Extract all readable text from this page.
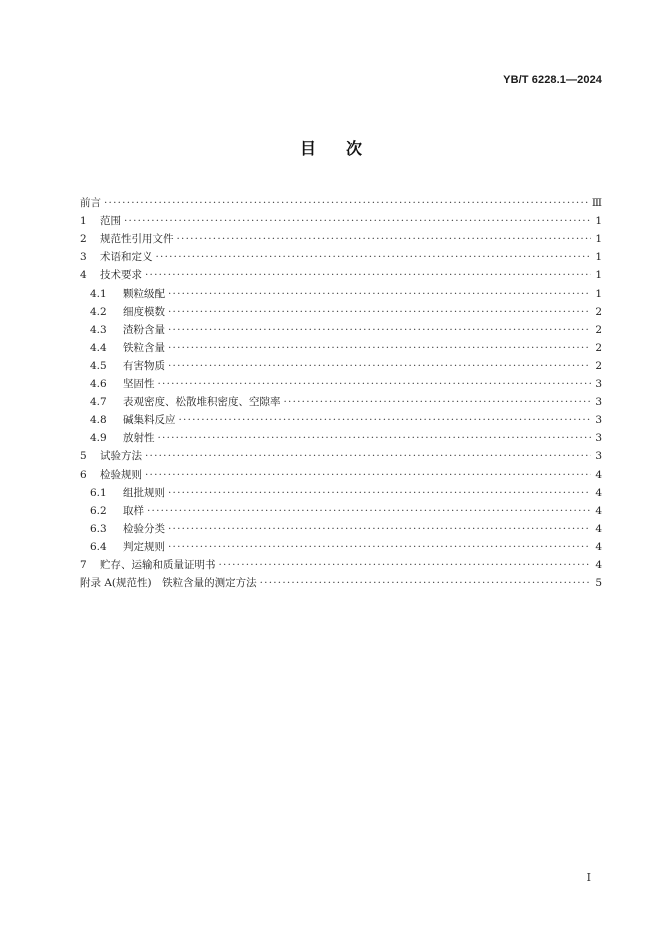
YB/T 6228.1—2024
目 次
前言 ·····	Ⅲ
1	范围 ·····	1
2	规范性引用文件 ·····	1
3	术语和定义 ·····	1
4	技术要求 ·····	1
4.1	颗粒级配 ·····	1
4.2	细度模数 ·····	2
4.3	渣粉含量 ·····	2
4.4	铁粒含量 ·····	2
4.5	有害物质 ·····	2
4.6	坚固性 ·····	3
4.7	表观密度、松散堆积密度、空隙率 ·····	3
4.8	碱集料反应 ·····	3
4.9	放射性 ·····	3
5	试验方法 ·····	3
6	检验规则 ·····	4
6.1	组批规则 ·····	4
6.2	取样 ·····	4
6.3	检验分类 ·····	4
6.4	判定规则 ·····	4
7	贮存、运输和质量证明书 ·····	4
附录 A(规范性)　铁粒含量的测定方法 ·····	5
I
